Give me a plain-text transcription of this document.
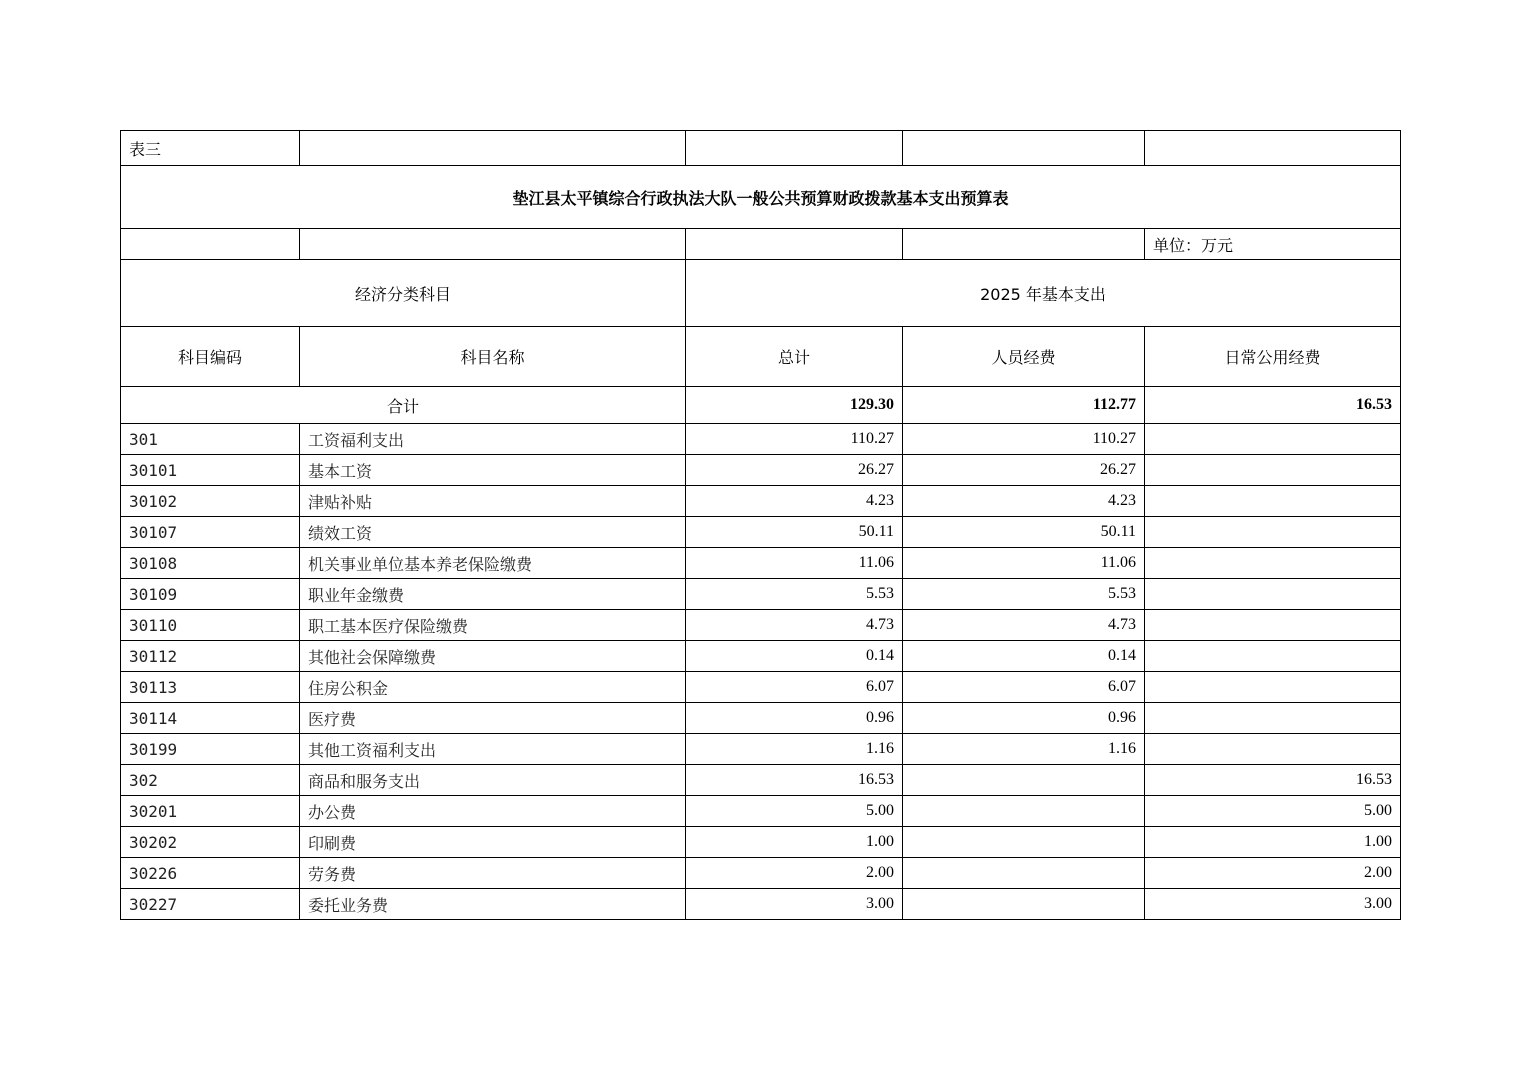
表三				
垫江县太平镇综合行政执法大队一般公共预算财政拨款基本支出预算表				
				单位：万元
经济分类科目		2025 年基本支出		
科目编码	科目名称	总计	人员经费	日常公用经费
合计		129.30	112.77	16.53
301	工资福利支出	110.27	110.27	
30101	基本工资	26.27	26.27	
30102	津贴补贴	4.23	4.23	
30107	绩效工资	50.11	50.11	
30108	机关事业单位基本养老保险缴费	11.06	11.06	
30109	职业年金缴费	5.53	5.53	
30110	职工基本医疗保险缴费	4.73	4.73	
30112	其他社会保障缴费	0.14	0.14	
30113	住房公积金	6.07	6.07	
30114	医疗费	0.96	0.96	
30199	其他工资福利支出	1.16	1.16	
302	商品和服务支出	16.53		16.53
30201	办公费	5.00		5.00
30202	印刷费	1.00		1.00
30226	劳务费	2.00		2.00
30227	委托业务费	3.00		3.00
